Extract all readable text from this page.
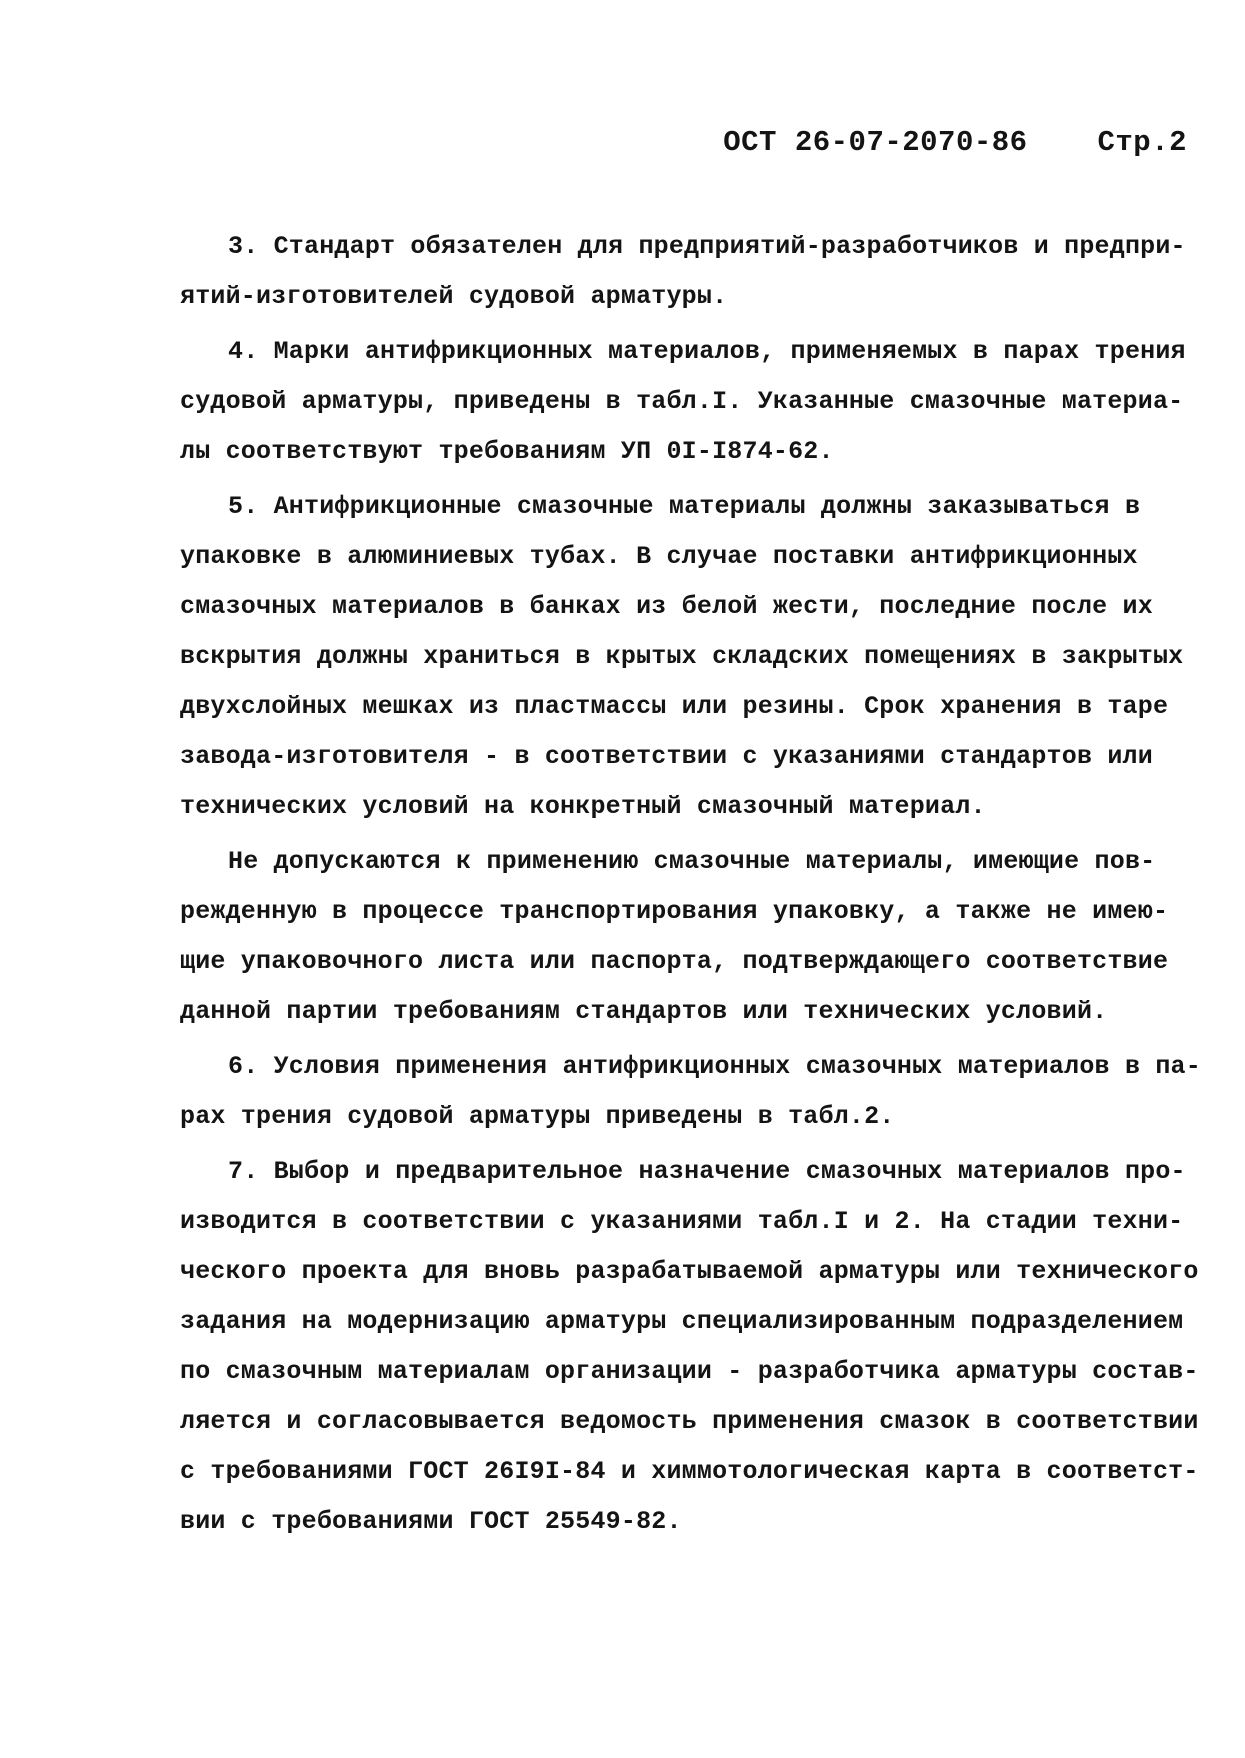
ОСТ 26-07-2070-86 Стр.2
3. Стандарт обязателен для предприятий-разработчиков и предпри-
ятий-изготовителей судовой арматуры.
4. Марки антифрикционных материалов, применяемых в парах трения
судовой арматуры, приведены в табл.I. Указанные смазочные материа-
лы соответствуют требованиям УП 0I-I874-62.
5. Антифрикционные смазочные материалы должны заказываться в
упаковке в алюминиевых тубах. В случае поставки антифрикционных
смазочных материалов в банках из белой жести, последние после их
вскрытия должны храниться в крытых складских помещениях в закрытых
двухслойных мешках из пластмассы или резины. Срок хранения в таре
завода-изготовителя - в соответствии с указаниями стандартов или
технических условий на конкретный смазочный материал.
Не допускаются к применению смазочные материалы, имеющие пов-
режденную в процессе транспортирования упаковку, а также не имею-
щие упаковочного листа или паспорта, подтверждающего соответствие
данной партии требованиям стандартов или технических условий.
6. Условия применения антифрикционных смазочных материалов в па-
рах трения судовой арматуры приведены в табл.2.
7. Выбор и предварительное назначение смазочных материалов про-
изводится в соответствии с указаниями табл.I и 2. На стадии техни-
ческого проекта для вновь разрабатываемой арматуры или технического
задания на модернизацию арматуры специализированным подразделением
по смазочным материалам организации - разработчика арматуры состав-
ляется и согласовывается ведомость применения смазок в соответствии
с требованиями ГОСТ 26I9I-84 и химмотологическая карта в соответст-
вии с требованиями ГОСТ 25549-82.
